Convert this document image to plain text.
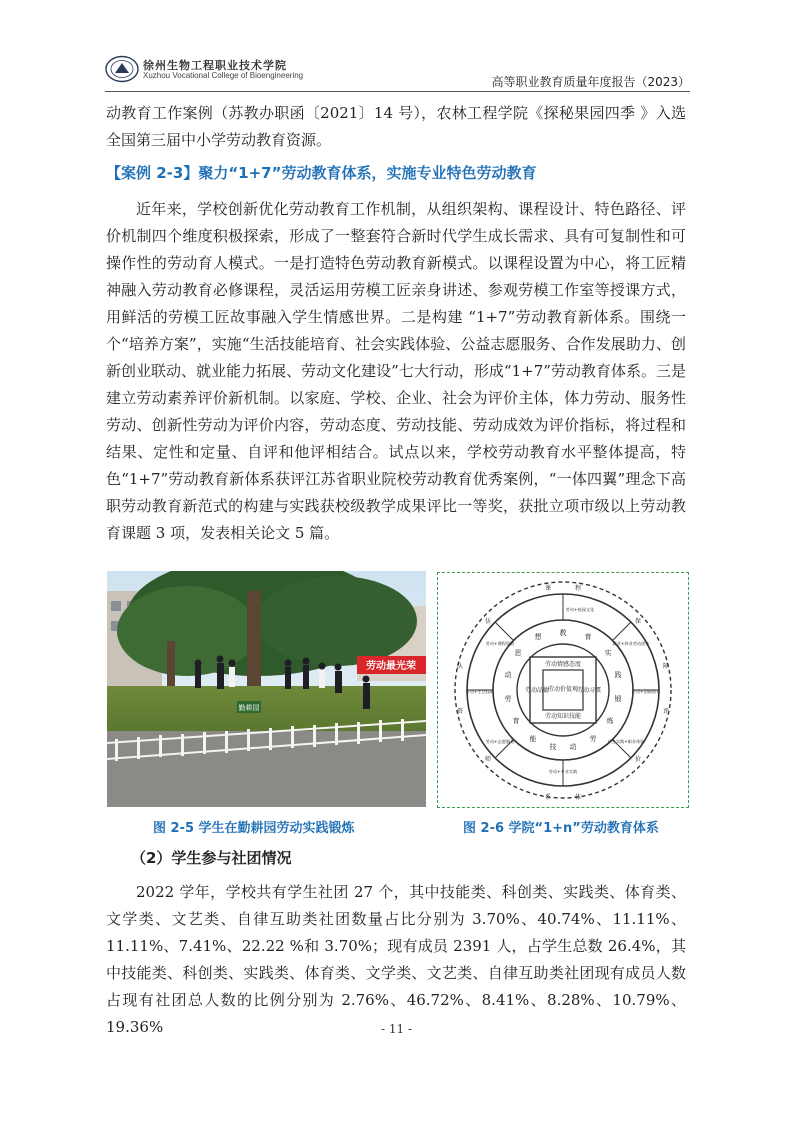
徐州生物工程职业技术学院
Xuzhou Vocational College of Bioengineering	高等职业教育质量年度报告（2023）
动教育工作案例（苏教办职函〔2021〕14 号），农林工程学院《探秘果园四季 》入选全国第三届中小学劳动教育资源。
【案例 2-3】聚力“1+7”劳动教育体系，实施专业特色劳动教育
近年来，学校创新优化劳动教育工作机制，从组织架构、课程设计、特色路径、评价机制四个维度积极探索，形成了一整套符合新时代学生成长需求、具有可复制性和可操作性的劳动育人模式。一是打造特色劳动教育新模式。以课程设置为中心，将工匠精神融入劳动教育必修课程，灵活运用劳模工匠亲身讲述、参观劳模工作室等授课方式，用鲜活的劳模工匠故事融入学生情感世界。二是构建 “1+7”劳动教育新体系。围绕一个“培养方案”，实施“生活技能培育、社会实践体验、公益志愿服务、合作发展助力、创新创业联动、就业能力拓展、劳动文化建设”七大行动，形成“1+7”劳动教育体系。三是建立劳动素养评价新机制。以家庭、学校、企业、社会为评价主体，体力劳动、服务性劳动、创新性劳动为评价内容，劳动态度、劳动技能、劳动成效为评价指标，将过程和结果、定性和定量、自评和他评相结合。试点以来，学校劳动教育水平整体提高，特色“1+7”劳动教育新体系获评江苏省职业院校劳动教育优秀案例，“一体四翼”理念下高职劳动教育新范式的构建与实践获校级教学成果评比一等奖，获批立项市级以上劳动教育课题 3 项，发表相关论文 5 篇。
劳动最光荣
勤耕园
劳动价值观
劳动情感态度
劳动品德	劳动习惯
劳动知识技能
教	育
实
践
锻
炼
劳
动
技
能
育
劳
动
思
想
劳动+校园文化
就业+择业劳动创业
劳动+创新创业
社会实践+职业体验
劳动+专业实践
劳动+志愿服务
劳动+生活技能
劳动+课程思政
课	程
保
障
评
价
体
系
师
资
队
伍
图 2-5 学生在勤耕园劳动实践锻炼	图 2-6 学院“1+n”劳动教育体系
（2）学生参与社团情况
2022 学年，学校共有学生社团 27 个，其中技能类、科创类、实践类、体育类、文学类、文艺类、自律互助类社团数量占比分别为 3.70%、40.74%、11.11%、11.11%、7.41%、22.22 %和 3.70%；现有成员 2391 人，占学生总数 26.4%，其中技能类、科创类、实践类、体育类、文学类、文艺类、自律互助类社团现有成员人数占现有社团总人数的比例分别为 2.76%、46.72%、8.41%、8.28%、10.79%、19.36%	- 11 -
